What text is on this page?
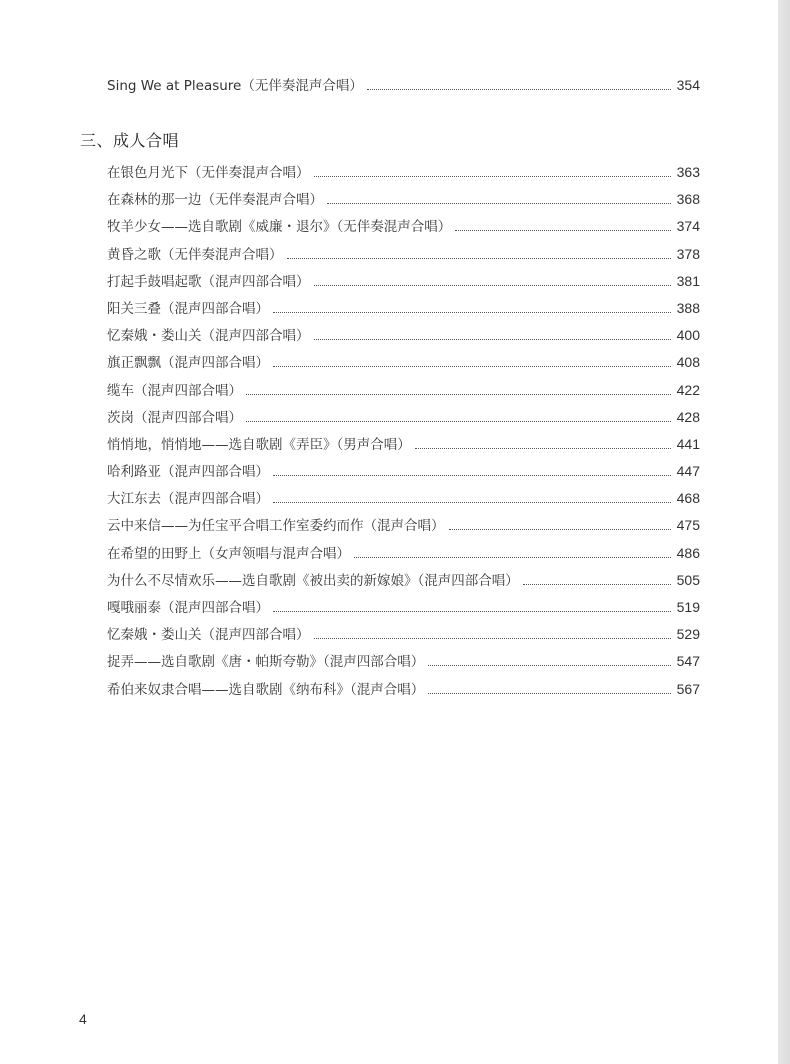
Sing We at Pleasure（无伴奏混声合唱）	354
三、成人合唱
在银色月光下（无伴奏混声合唱）	363
在森林的那一边（无伴奏混声合唱）	368
牧羊少女——选自歌剧《威廉・退尔》（无伴奏混声合唱）	374
黄昏之歌（无伴奏混声合唱）	378
打起手鼓唱起歌（混声四部合唱）	381
阳关三叠（混声四部合唱）	388
忆秦娥・娄山关（混声四部合唱）	400
旗正飘飘（混声四部合唱）	408
缆车（混声四部合唱）	422
茨岗（混声四部合唱）	428
悄悄地，悄悄地——选自歌剧《弄臣》（男声合唱）	441
哈利路亚（混声四部合唱）	447
大江东去（混声四部合唱）	468
云中来信——为任宝平合唱工作室委约而作（混声合唱）	475
在希望的田野上（女声领唱与混声合唱）	486
为什么不尽情欢乐——选自歌剧《被出卖的新嫁娘》（混声四部合唱）	505
嘎哦丽泰（混声四部合唱）	519
忆秦娥・娄山关（混声四部合唱）	529
捉弄——选自歌剧《唐・帕斯夸勒》（混声四部合唱）	547
希伯来奴隶合唱——选自歌剧《纳布科》（混声合唱）	567
4
